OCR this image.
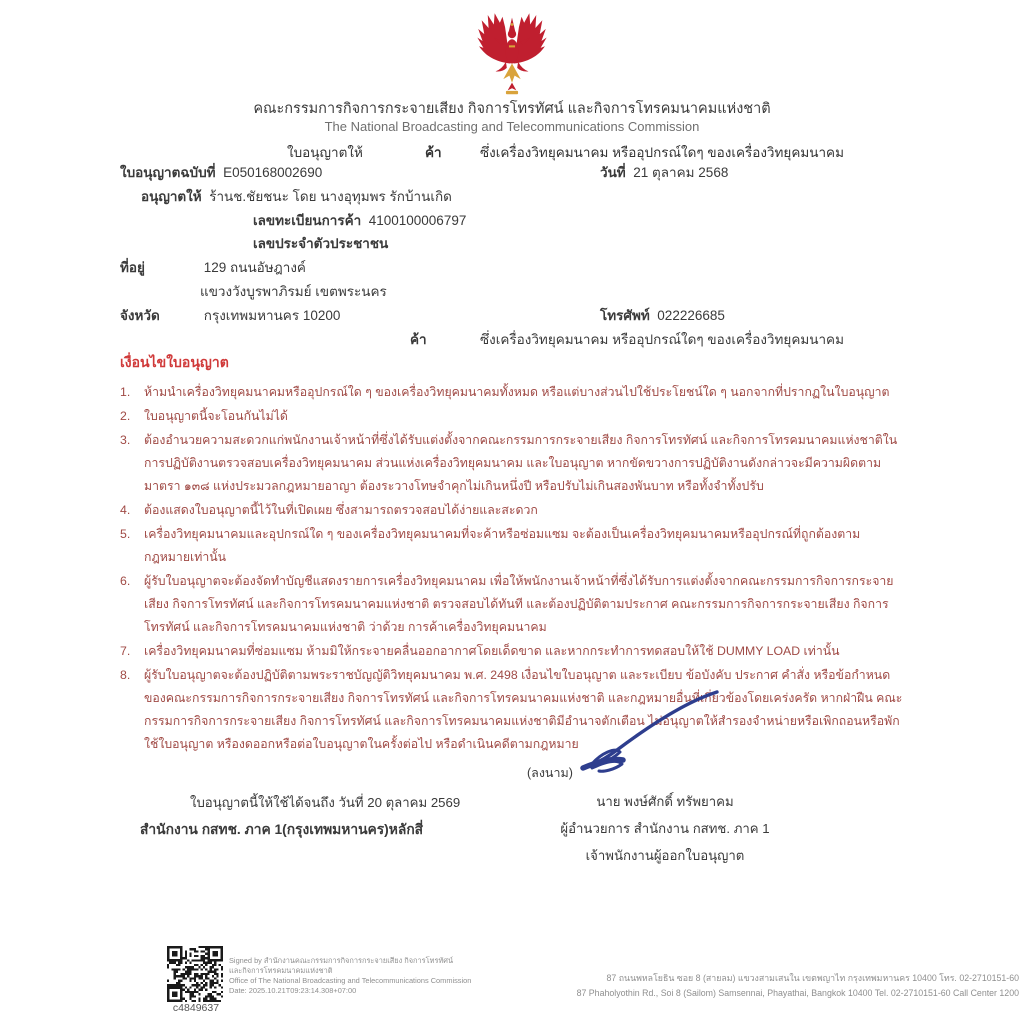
คณะกรรมการกิจการกระจายเสียง กิจการโทรทัศน์ และกิจการโทรคมนาคมแห่งชาติ
The National Broadcasting and Telecommunications Commission
ใบอนุญาตให้	ค้า	ซึ่งเครื่องวิทยุคมนาคม หรืออุปกรณ์ใดๆ ของเครื่องวิทยุคมนาคม
ใบอนุญาตฉบับที่ E050168002690	วันที่ 21 ตุลาคม 2568
อนุญาตให้ ร้านช.ชัยชนะ โดย นางอุทุมพร รักบ้านเกิด
เลขทะเบียนการค้า 4100100006797
เลขประจำตัวประชาชน
ที่อยู่	129 ถนนอัษฎางค์
แขวงวังบูรพาภิรมย์ เขตพระนคร
จังหวัด	กรุงเทพมหานคร 10200	โทรศัพท์ 022226685
ค้า	ซึ่งเครื่องวิทยุคมนาคม หรืออุปกรณ์ใดๆ ของเครื่องวิทยุคมนาคม
เงื่อนไขใบอนุญาต
1.	ห้ามนำเครื่องวิทยุคมนาคมหรืออุปกรณ์ใด ๆ ของเครื่องวิทยุคมนาคมทั้งหมด หรือแต่บางส่วนไปใช้ประโยชน์ใด ๆ นอกจากที่ปรากฏในใบอนุญาต
2.	ใบอนุญาตนี้จะโอนกันไม่ได้
3.	ต้องอำนวยความสะดวกแก่พนักงานเจ้าหน้าที่ซึ่งได้รับแต่งตั้งจากคณะกรรมการกระจายเสียง กิจการโทรทัศน์ และกิจการโทรคมนาคมแห่งชาติในการปฏิบัติงานตรวจสอบเครื่องวิทยุคมนาคม ส่วนแห่งเครื่องวิทยุคมนาคม และใบอนุญาต หากขัดขวางการปฏิบัติงานดังกล่าวจะมีความผิดตามมาตรา ๑๓๘ แห่งประมวลกฎหมายอาญา ต้องระวางโทษจำคุกไม่เกินหนึ่งปี หรือปรับไม่เกินสองพันบาท หรือทั้งจำทั้งปรับ
4.	ต้องแสดงใบอนุญาตนี้ไว้ในที่เปิดเผย ซึ่งสามารถตรวจสอบได้ง่ายและสะดวก
5.	เครื่องวิทยุคมนาคมและอุปกรณ์ใด ๆ ของเครื่องวิทยุคมนาคมที่จะค้าหรือซ่อมแซม จะต้องเป็นเครื่องวิทยุคมนาคมหรืออุปกรณ์ที่ถูกต้องตามกฎหมายเท่านั้น
6.	ผู้รับใบอนุญาตจะต้องจัดทำบัญชีแสดงรายการเครื่องวิทยุคมนาคม เพื่อให้พนักงานเจ้าหน้าที่ซึ่งได้รับการแต่งตั้งจากคณะกรรมการกิจการกระจายเสียง กิจการโทรทัศน์ และกิจการโทรคมนาคมแห่งชาติ ตรวจสอบได้ทันที และต้องปฏิบัติตามประกาศ คณะกรรมการกิจการกระจายเสียง กิจการโทรทัศน์ และกิจการโทรคมนาคมแห่งชาติ ว่าด้วย การค้าเครื่องวิทยุคมนาคม
7.	เครื่องวิทยุคมนาคมที่ซ่อมแซม ห้ามมิให้กระจายคลื่นออกอากาศโดยเด็ดขาด และหากกระทำการทดสอบให้ใช้ DUMMY LOAD เท่านั้น
8.	ผู้รับใบอนุญาตจะต้องปฏิบัติตามพระราชบัญญัติวิทยุคมนาคม พ.ศ. 2498 เงื่อนไขใบอนุญาต และระเบียบ ข้อบังคับ ประกาศ คำสั่ง หรือข้อกำหนด ของคณะกรรมการกิจการกระจายเสียง กิจการโทรทัศน์ และกิจการโทรคมนาคมแห่งชาติ และกฎหมายอื่นที่เกี่ยวข้องโดยเคร่งครัด หากฝ่าฝืน คณะกรรมการกิจการกระจายเสียง กิจการโทรทัศน์ และกิจการโทรคมนาคมแห่งชาติมีอำนาจตักเตือน ไม่อนุญาตให้สำรองจำหน่ายหรือเพิกถอนหรือพักใช้ใบอนุญาต หรืองดออกหรือต่อใบอนุญาตในครั้งต่อไป หรือดำเนินคดีตามกฎหมาย
(ลงนาม)
นาย พงษ์ศักดิ์ ทรัพยาคม
ผู้อำนวยการ สำนักงาน กสทช. ภาค 1
เจ้าพนักงานผู้ออกใบอนุญาต
ใบอนุญาตนี้ให้ใช้ได้จนถึง วันที่ 20 ตุลาคม 2569
สำนักงาน กสทช. ภาค 1(กรุงเทพมหานคร)หลักสี่
c4849637
Signed by สำนักงานคณะกรรมการกิจการกระจายเสียง กิจการโทรทัศน์
และกิจการโทรคมนาคมแห่งชาติ
Office of The National Broadcasting and Telecommunications Commission
Date: 2025.10.21T09:23:14.308+07:00
87 ถนนพหลโยธิน ซอย 8 (สายลม) แขวงสามเสนใน เขตพญาไท กรุงเทพมหานคร 10400 โทร. 02-2710151-60
87 Phaholyothin Rd., Soi 8 (Sailom) Samsennai, Phayathai, Bangkok 10400 Tel. 02-2710151-60 Call Center 1200
